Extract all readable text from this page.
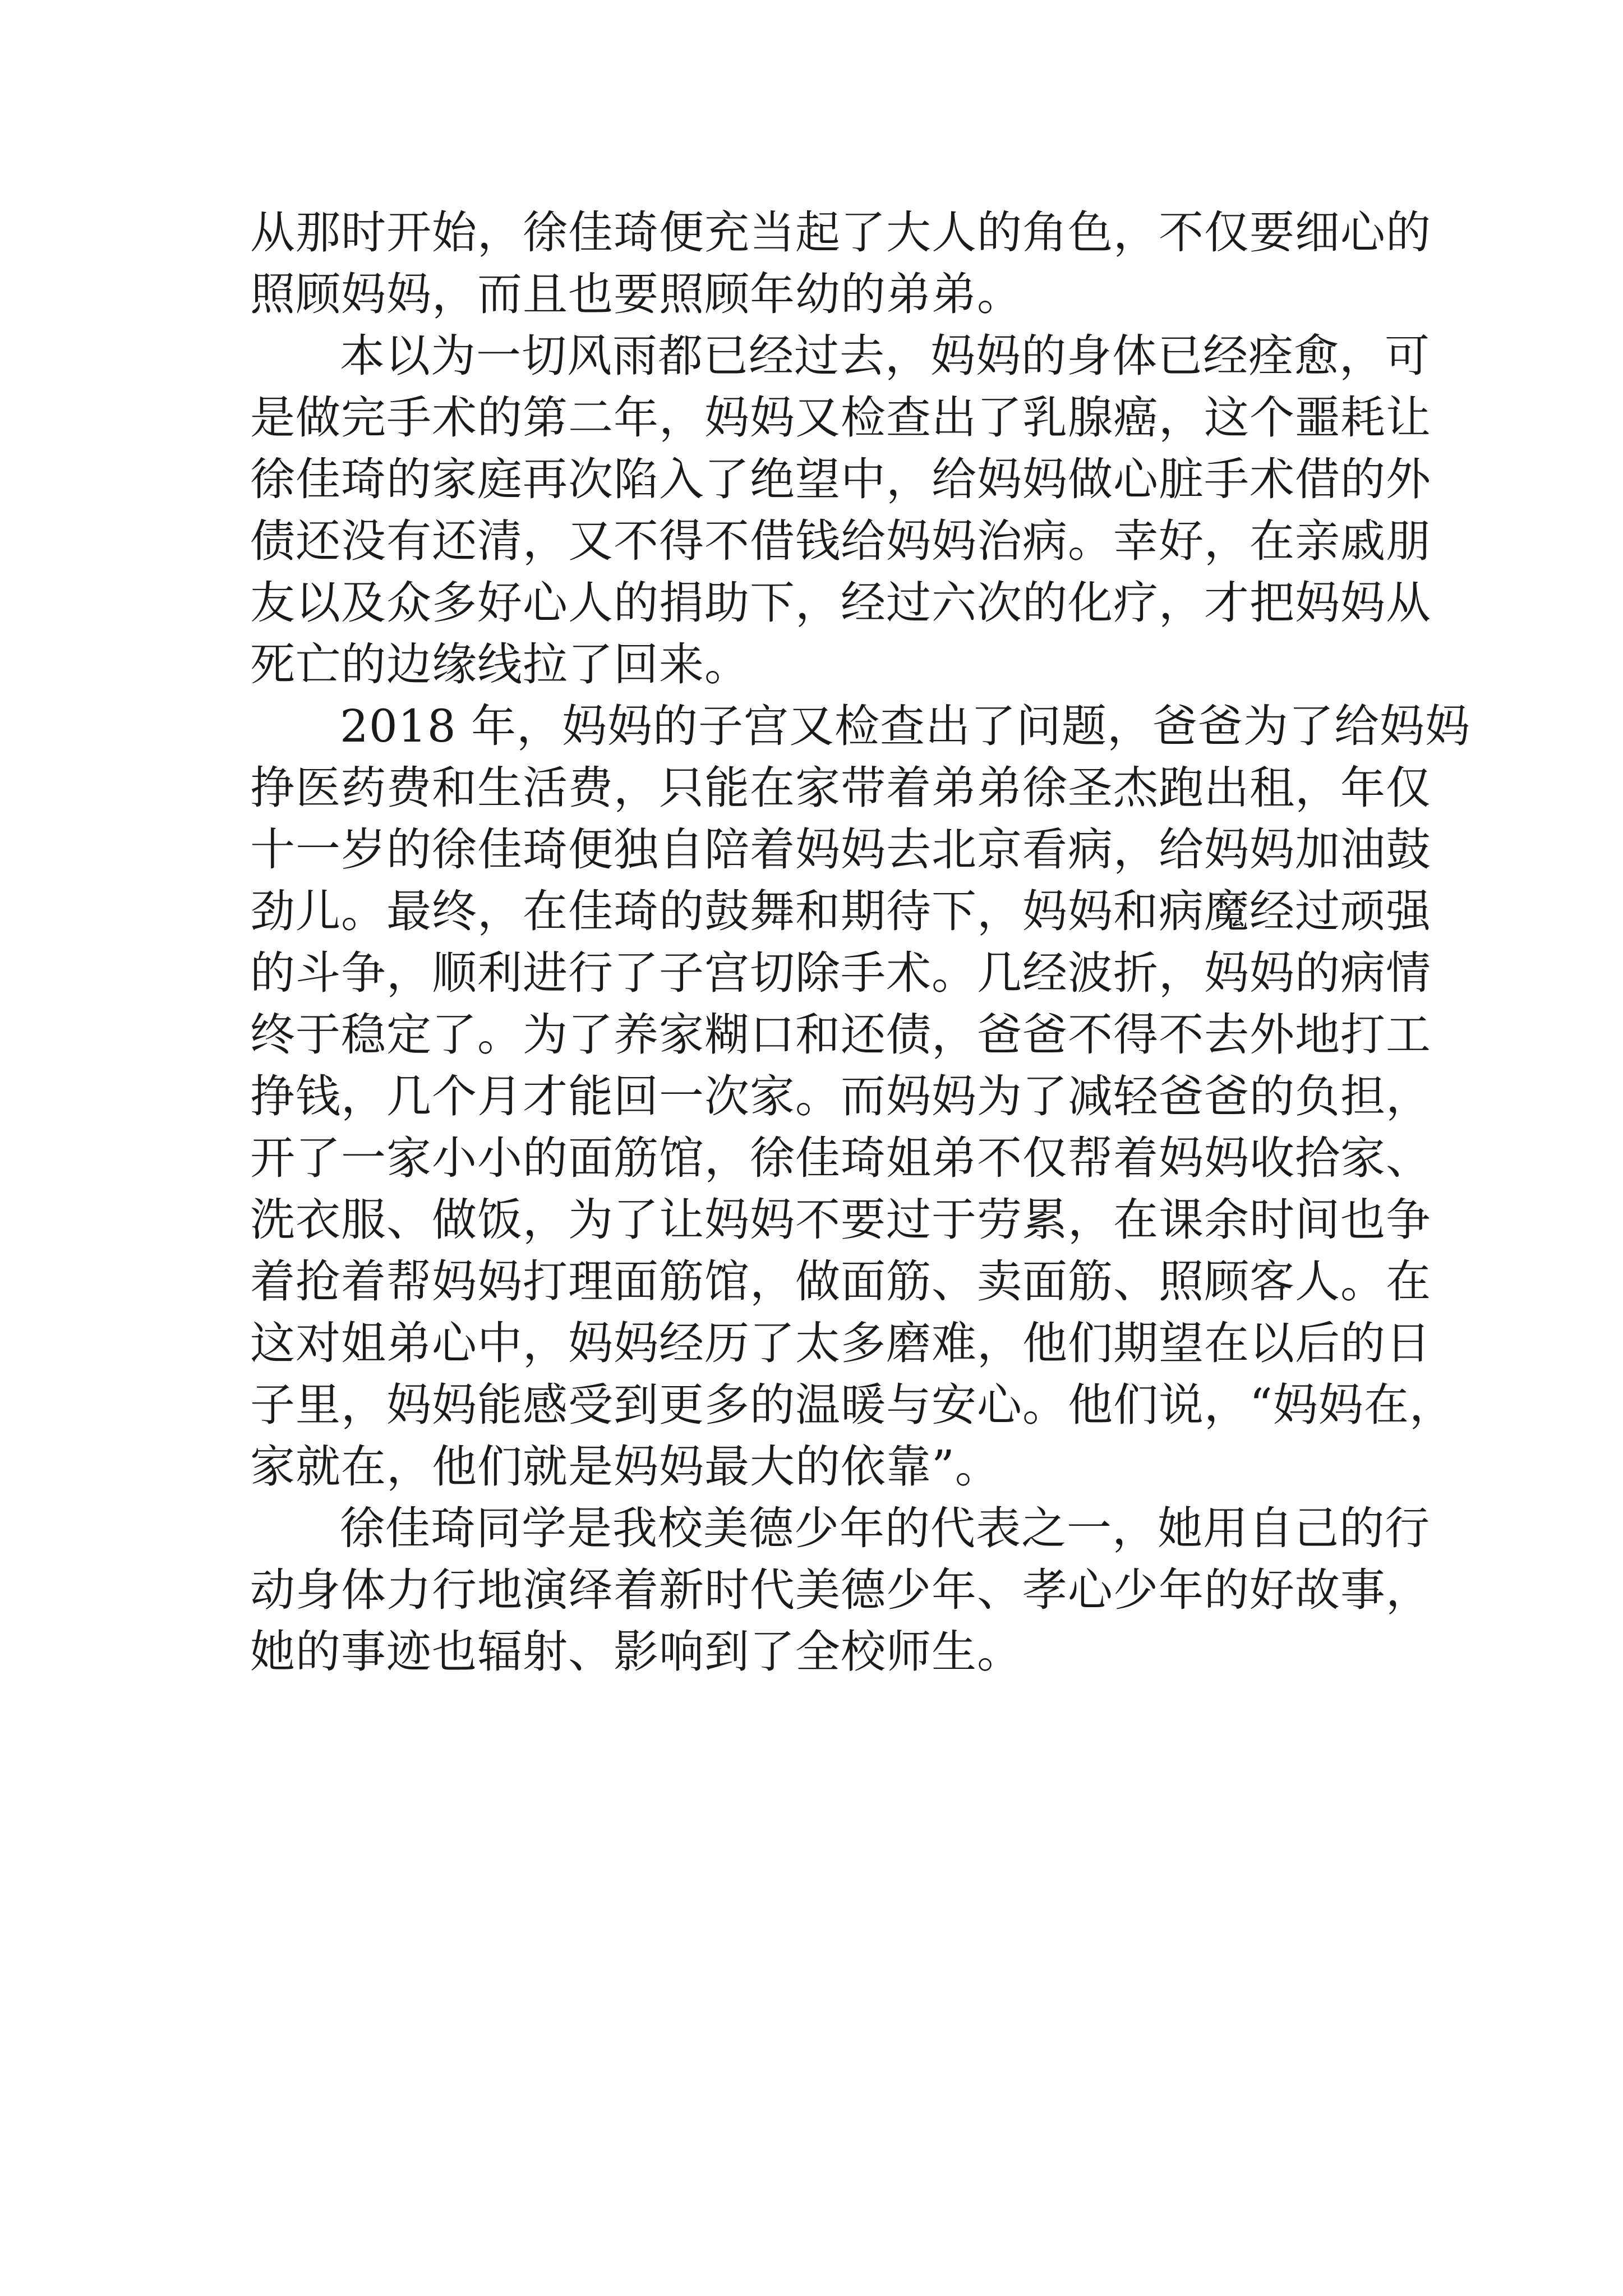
从那时开始，徐佳琦便充当起了大人的角色，不仅要细心的
照顾妈妈，而且也要照顾年幼的弟弟。
本以为一切风雨都已经过去，妈妈的身体已经痊愈，可
是做完手术的第二年，妈妈又检查出了乳腺癌，这个噩耗让
徐佳琦的家庭再次陷入了绝望中，给妈妈做心脏手术借的外
债还没有还清，又不得不借钱给妈妈治病。幸好，在亲戚朋
友以及众多好心人的捐助下，经过六次的化疗，才把妈妈从
死亡的边缘线拉了回来。
2018 年，妈妈的子宫又检查出了问题，爸爸为了给妈妈
挣医药费和生活费，只能在家带着弟弟徐圣杰跑出租，年仅
十一岁的徐佳琦便独自陪着妈妈去北京看病，给妈妈加油鼓
劲儿。最终，在佳琦的鼓舞和期待下，妈妈和病魔经过顽强
的斗争，顺利进行了子宫切除手术。几经波折，妈妈的病情
终于稳定了。为了养家糊口和还债，爸爸不得不去外地打工
挣钱，几个月才能回一次家。而妈妈为了减轻爸爸的负担，
开了一家小小的面筋馆，徐佳琦姐弟不仅帮着妈妈收拾家、
洗衣服、做饭，为了让妈妈不要过于劳累，在课余时间也争
着抢着帮妈妈打理面筋馆，做面筋、卖面筋、照顾客人。在
这对姐弟心中，妈妈经历了太多磨难，他们期望在以后的日
子里，妈妈能感受到更多的温暖与安心。他们说，“妈妈在，
家就在，他们就是妈妈最大的依靠”。
徐佳琦同学是我校美德少年的代表之一，她用自己的行
动身体力行地演绎着新时代美德少年、孝心少年的好故事，
她的事迹也辐射、影响到了全校师生。
